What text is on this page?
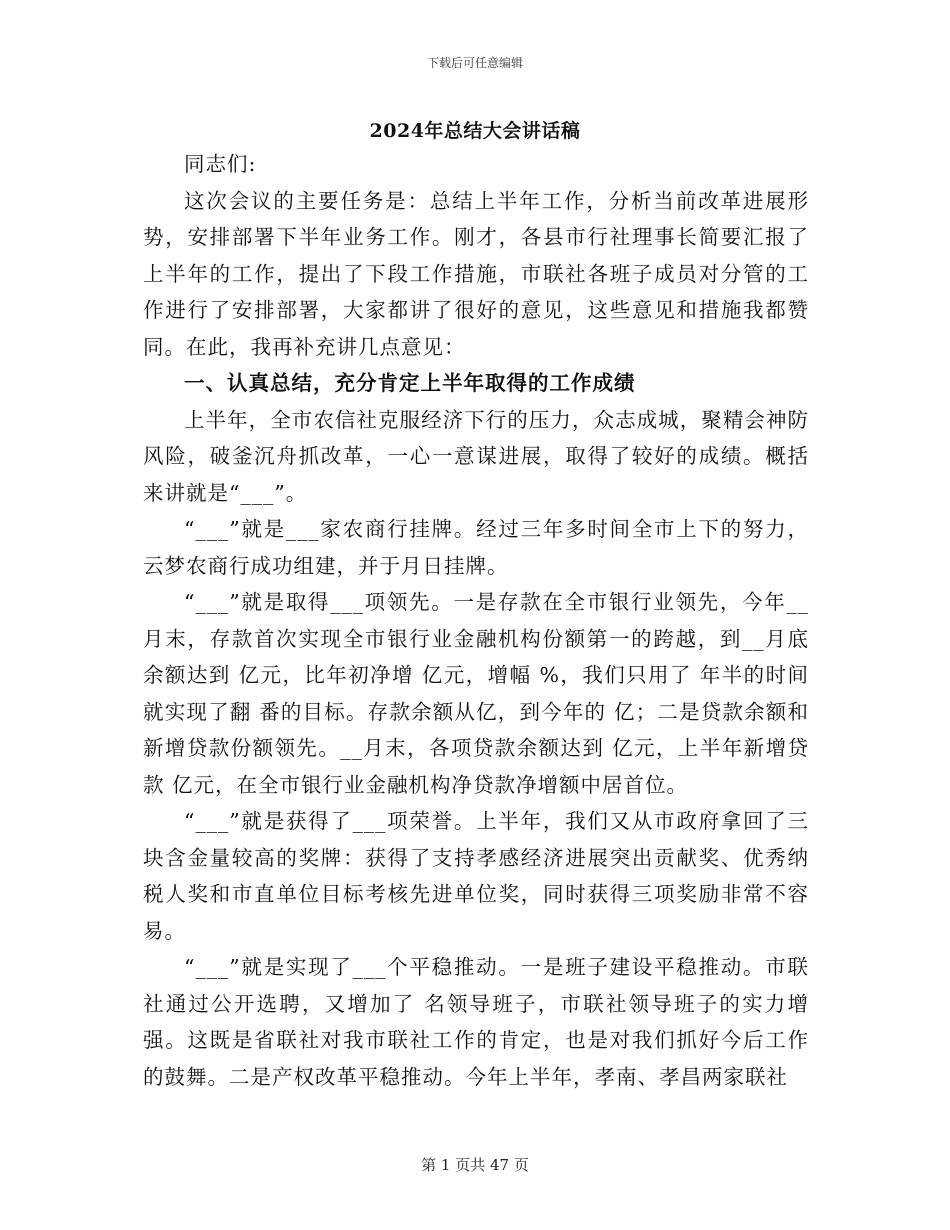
下载后可任意编辑
2024年总结大会讲话稿

同志们:

这次会议的主要任务是：总结上半年工作，分析当前改革进展形势，安排部署下半年业务工作。刚才，各县市行社理事长简要汇报了上半年的工作，提出了下段工作措施，市联社各班子成员对分管的工作进行了安排部署，大家都讲了很好的意见，这些意见和措施我都赞同。在此，我再补充讲几点意见：

一、认真总结，充分肯定上半年取得的工作成绩

上半年，全市农信社克服经济下行的压力，众志成城，聚精会神防风险，破釜沉舟抓改革，一心一意谋进展，取得了较好的成绩。概括来讲就是“___”。

“___”就是___家农商行挂牌。经过三年多时间全市上下的努力，云梦农商行成功组建，并于月日挂牌。

“___”就是取得___项领先。一是存款在全市银行业领先，今年__月末，存款首次实现全市银行业金融机构份额第一的跨越，到__月底余额达到 亿元，比年初净增 亿元，增幅 %，我们只用了 年半的时间就实现了翻 番的目标。存款余额从亿，到今年的 亿；二是贷款余额和新增贷款份额领先。__月末，各项贷款余额达到 亿元，上半年新增贷款 亿元，在全市银行业金融机构净贷款净增额中居首位。

“___”就是获得了___项荣誉。上半年，我们又从市政府拿回了三块含金量较高的奖牌：获得了支持孝感经济进展突出贡献奖、优秀纳税人奖和市直单位目标考核先进单位奖，同时获得三项奖励非常不容易。

“___”就是实现了___个平稳推动。一是班子建设平稳推动。市联社通过公开选聘，又增加了 名领导班子，市联社领导班子的实力增强。这既是省联社对我市联社工作的肯定，也是对我们抓好今后工作的鼓舞。二是产权改革平稳推动。今年上半年，孝南、孝昌两家联社

第 1 页共 47 页
